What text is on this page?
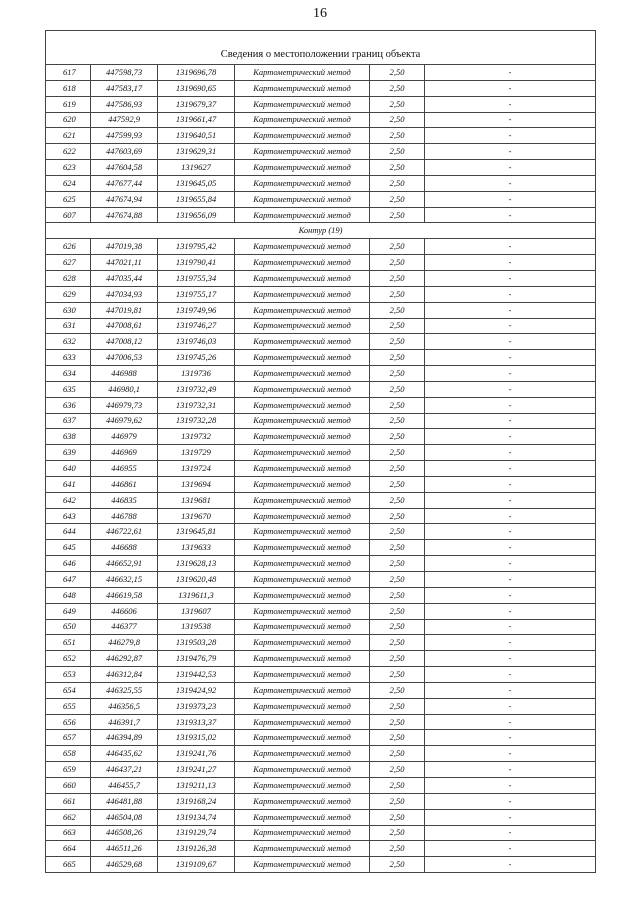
16
Сведения о местоположении границ объекта					
617	447598,73	1319696,78	Картометрический метод	2,50	-
618	447583,17	1319690,65	Картометрический метод	2,50	-
619	447586,93	1319679,37	Картометрический метод	2,50	-
620	447592,9	1319661,47	Картометрический метод	2,50	-
621	447599,93	1319640,51	Картометрический метод	2,50	-
622	447603,69	1319629,31	Картометрический метод	2,50	-
623	447604,58	1319627	Картометрический метод	2,50	-
624	447677,44	1319645,05	Картометрический метод	2,50	-
625	447674,94	1319655,84	Картометрический метод	2,50	-
607	447674,88	1319656,09	Картометрический метод	2,50	-
Контур (19)					
626	447019,38	1319795,42	Картометрический метод	2,50	-
627	447021,11	1319790,41	Картометрический метод	2,50	-
628	447035,44	1319755,34	Картометрический метод	2,50	-
629	447034,93	1319755,17	Картометрический метод	2,50	-
630	447019,81	1319749,96	Картометрический метод	2,50	-
631	447008,61	1319746,27	Картометрический метод	2,50	-
632	447008,12	1319746,03	Картометрический метод	2,50	-
633	447006,53	1319745,26	Картометрический метод	2,50	-
634	446988	1319736	Картометрический метод	2,50	-
635	446980,1	1319732,49	Картометрический метод	2,50	-
636	446979,73	1319732,31	Картометрический метод	2,50	-
637	446979,62	1319732,28	Картометрический метод	2,50	-
638	446979	1319732	Картометрический метод	2,50	-
639	446969	1319729	Картометрический метод	2,50	-
640	446955	1319724	Картометрический метод	2,50	-
641	446861	1319694	Картометрический метод	2,50	-
642	446835	1319681	Картометрический метод	2,50	-
643	446788	1319670	Картометрический метод	2,50	-
644	446722,61	1319645,81	Картометрический метод	2,50	-
645	446688	1319633	Картометрический метод	2,50	-
646	446652,91	1319628,13	Картометрический метод	2,50	-
647	446632,15	1319620,48	Картометрический метод	2,50	-
648	446619,58	1319611,3	Картометрический метод	2,50	-
649	446606	1319607	Картометрический метод	2,50	-
650	446377	1319538	Картометрический метод	2,50	-
651	446279,8	1319503,28	Картометрический метод	2,50	-
652	446292,87	1319476,79	Картометрический метод	2,50	-
653	446312,84	1319442,53	Картометрический метод	2,50	-
654	446325,55	1319424,92	Картометрический метод	2,50	-
655	446356,5	1319373,23	Картометрический метод	2,50	-
656	446391,7	1319313,37	Картометрический метод	2,50	-
657	446394,89	1319315,02	Картометрический метод	2,50	-
658	446435,62	1319241,76	Картометрический метод	2,50	-
659	446437,21	1319241,27	Картометрический метод	2,50	-
660	446455,7	1319211,13	Картометрический метод	2,50	-
661	446481,88	1319168,24	Картометрический метод	2,50	-
662	446504,08	1319134,74	Картометрический метод	2,50	-
663	446508,26	1319129,74	Картометрический метод	2,50	-
664	446511,26	1319126,38	Картометрический метод	2,50	-
665	446529,68	1319109,67	Картометрический метод	2,50	-
